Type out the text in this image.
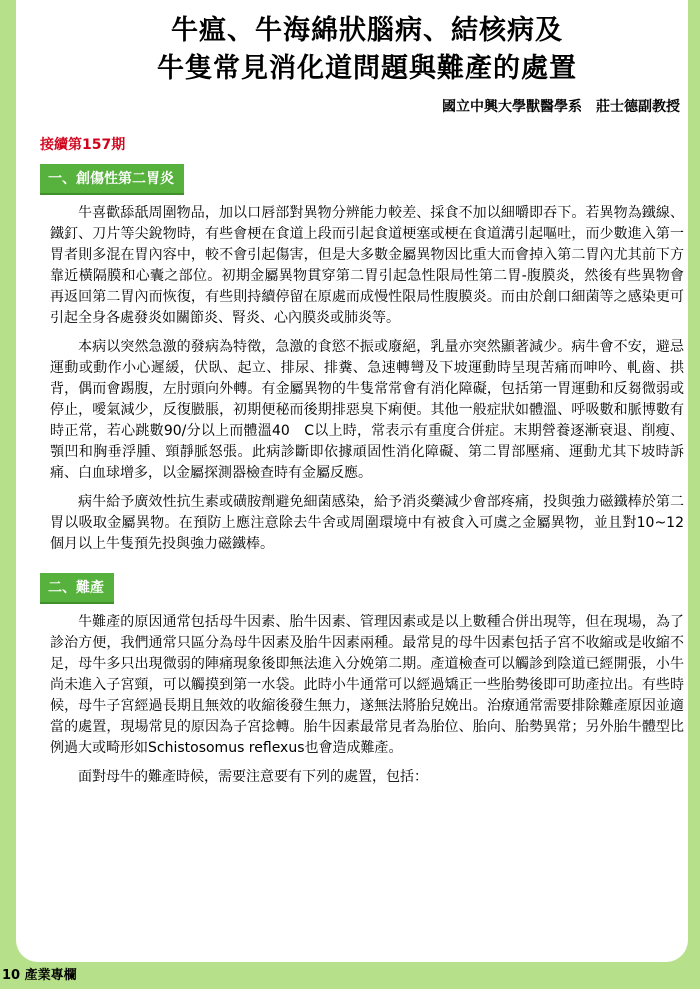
牛瘟、牛海綿狀腦病、結核病及
牛隻常見消化道問題與難產的處置
國立中興大學獸醫學系　莊士德副教授
接續第157期
一、創傷性第二胃炎

牛喜歡舔舐周圍物品，加以口唇部對異物分辨能力較差、採食不加以細嚼即吞下。若異物為鐵線、鐵釘、刀片等尖銳物時，有些會梗在食道上段而引起食道梗塞或梗在食道溝引起嘔吐，而少數進入第一胃者則多混在胃內容中，較不會引起傷害，但是大多數金屬異物因比重大而會掉入第二胃內尤其前下方靠近橫隔膜和心囊之部位。初期金屬異物貫穿第二胃引起急性限局性第二胃-腹膜炎，然後有些異物會再返回第二胃內而恢復，有些則持續停留在原處而成慢性限局性腹膜炎。而由於創口細菌等之感染更可引起全身各處發炎如關節炎、腎炎、心內膜炎或肺炎等。

本病以突然急激的發病為特徵，急激的食慾不振或廢絕，乳量亦突然顯著減少。病牛會不安，避忌運動或動作小心遲緩，伏臥、起立、排尿、排糞、急速轉彎及下坡運動時呈現苦痛而呻吟、軋齒、拱背，偶而會踢腹，左肘頭向外轉。有金屬異物的牛隻常常會有消化障礙，包括第一胃運動和反芻微弱或停止，噯氣減少，反復臌脹，初期便秘而後期排惡臭下痢便。其他一般症狀如體溫、呼吸數和脈博數有時正常，若心跳數90/分以上而體溫40　C以上時，常表示有重度合併症。末期營養逐漸衰退、削瘦、顎凹和胸垂浮腫、頸靜脈怒張。此病診斷即依據頑固性消化障礙、第二胃部壓痛、運動尤其下坡時訴痛、白血球增多，以金屬探測器檢查時有金屬反應。

病牛給予廣效性抗生素或磺胺劑避免細菌感染，給予消炎藥減少會部疼痛，投與強力磁鐵棒於第二胃以吸取金屬異物。在預防上應注意除去牛舍或周圍環境中有被食入可虞之金屬異物，並且對10~12個月以上牛隻預先投與強力磁鐵棒。

二、難產

牛難產的原因通常包括母牛因素、胎牛因素、管理因素或是以上數種合併出現等，但在現場，為了診治方便，我們通常只區分為母牛因素及胎牛因素兩種。最常見的母牛因素包括子宮不收縮或是收縮不足，母牛多只出現微弱的陣痛現象後即無法進入分娩第二期。產道檢查可以觸診到陰道已經開張，小牛尚未進入子宮頸，可以觸摸到第一水袋。此時小牛通常可以經過矯正一些胎勢後即可助產拉出。有些時候，母牛子宮經過長期且無效的收縮後發生無力，遂無法將胎兒娩出。治療通常需要排除難產原因並適當的處置，現場常見的原因為子宮捻轉。胎牛因素最常見者為胎位、胎向、胎勢異常；另外胎牛體型比例過大或畸形如Schistosomus reflexus也會造成難產。

面對母牛的難產時候，需要注意要有下列的處置，包括：

10 產業專欄
